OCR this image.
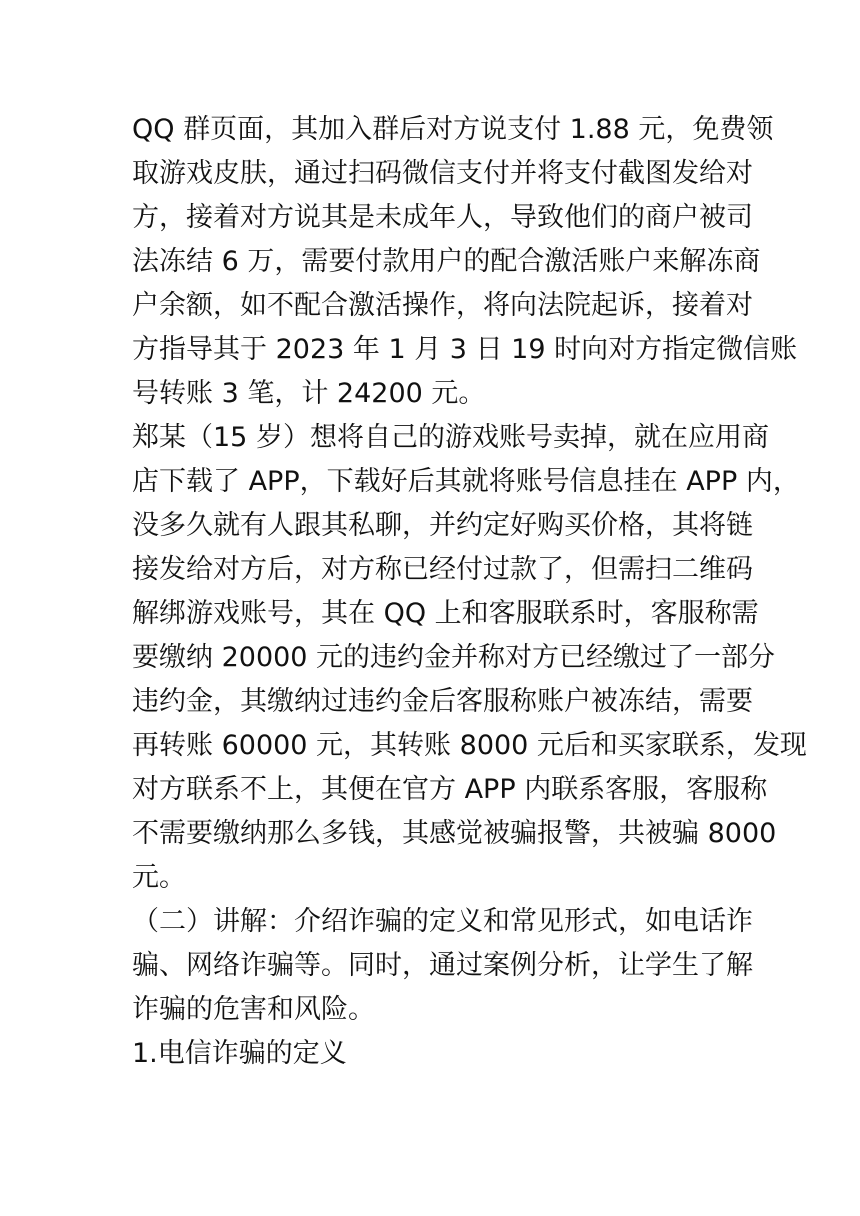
QQ 群页面，其加入群后对方说支付 1.88 元，免费领
取游戏皮肤，通过扫码微信支付并将支付截图发给对
方，接着对方说其是未成年人，导致他们的商户被司
法冻结 6 万，需要付款用户的配合激活账户来解冻商
户余额，如不配合激活操作，将向法院起诉，接着对
方指导其于 2023 年 1 月 3 日 19 时向对方指定微信账
号转账 3 笔，计 24200 元。
郑某（15 岁）想将自己的游戏账号卖掉，就在应用商
店下载了 APP，下载好后其就将账号信息挂在 APP 内，
没多久就有人跟其私聊，并约定好购买价格，其将链
接发给对方后，对方称已经付过款了，但需扫二维码
解绑游戏账号，其在 QQ 上和客服联系时，客服称需
要缴纳 20000 元的违约金并称对方已经缴过了一部分
违约金，其缴纳过违约金后客服称账户被冻结，需要
再转账 60000 元，其转账 8000 元后和买家联系，发现
对方联系不上，其便在官方 APP 内联系客服，客服称
不需要缴纳那么多钱，其感觉被骗报警，共被骗 8000
元。
（二）讲解：介绍诈骗的定义和常见形式，如电话诈
骗、网络诈骗等。同时，通过案例分析，让学生了解
诈骗的危害和风险。
1.电信诈骗的定义
